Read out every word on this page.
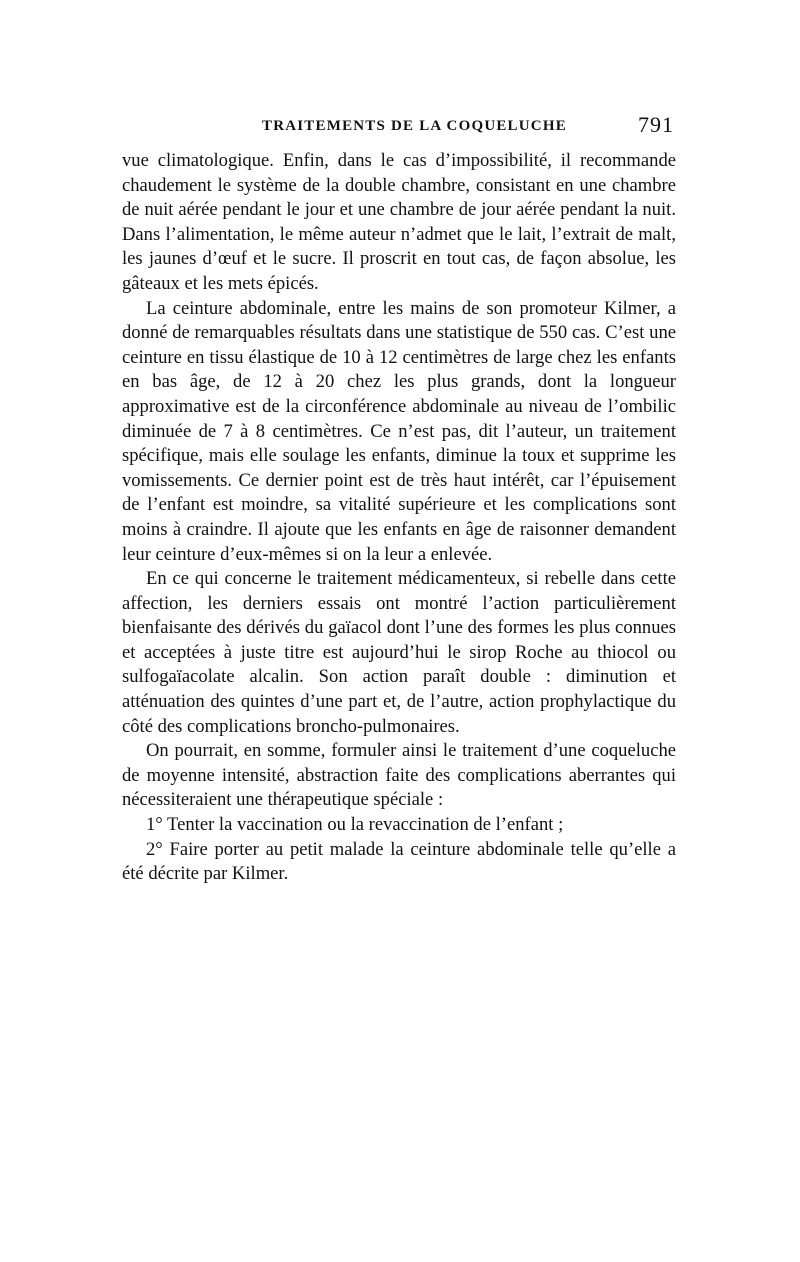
TRAITEMENTS DE LA COQUELUCHE	791

vue climatologique. Enfin, dans le cas d’impossibilité, il recommande chaudement le système de la double chambre, consistant en une chambre de nuit aérée pendant le jour et une chambre de jour aérée pendant la nuit. Dans l’alimentation, le même auteur n’admet que le lait, l’extrait de malt, les jaunes d’œuf et le sucre. Il proscrit en tout cas, de façon absolue, les gâteaux et les mets épicés.

La ceinture abdominale, entre les mains de son promoteur Kilmer, a donné de remarquables résultats dans une statistique de 550 cas. C’est une ceinture en tissu élastique de 10 à 12 centimètres de large chez les enfants en bas âge, de 12 à 20 chez les plus grands, dont la longueur approximative est de la circonférence abdominale au niveau de l’ombilic diminuée de 7 à 8 centimètres. Ce n’est pas, dit l’auteur, un traitement spécifique, mais elle soulage les enfants, diminue la toux et supprime les vomissements. Ce dernier point est de très haut intérêt, car l’épuisement de l’enfant est moindre, sa vitalité supérieure et les complications sont moins à craindre. Il ajoute que les enfants en âge de raisonner demandent leur ceinture d’eux-mêmes si on la leur a enlevée.

En ce qui concerne le traitement médicamenteux, si rebelle dans cette affection, les derniers essais ont montré l’action particulièrement bienfaisante des dérivés du gaïacol dont l’une des formes les plus connues et acceptées à juste titre est aujourd’hui le sirop Roche au thiocol ou sulfogaïacolate alcalin. Son action paraît double : diminution et atténuation des quintes d’une part et, de l’autre, action prophylactique du côté des complications broncho-pulmonaires.

On pourrait, en somme, formuler ainsi le traitement d’une coqueluche de moyenne intensité, abstraction faite des complications aberrantes qui nécessiteraient une thérapeutique spéciale :

1° Tenter la vaccination ou la revaccination de l’enfant ;

2° Faire porter au petit malade la ceinture abdominale telle qu’elle a été décrite par Kilmer.
